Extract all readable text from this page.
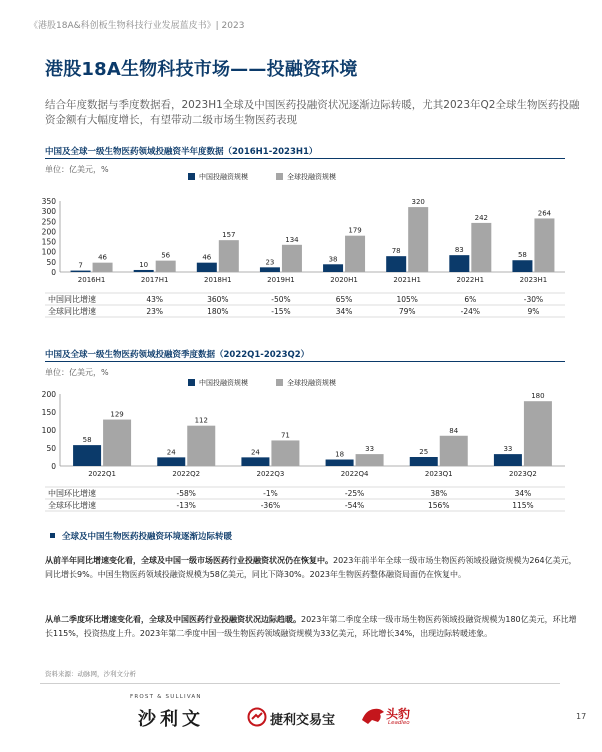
《港股18A&科创板生物科技行业发展蓝皮书》| 2023
港股18A生物科技市场——投融资环境
结合年度数据与季度数据看，2023H1全球及中国医药投融资状况逐渐边际转暖，尤其2023年Q2全球生物医药投融资金额有大幅度增长，有望带动二级市场生物医药表现
中国及全球一级生物医药领域投融资半年度数据（2016H1-2023H1）
单位：亿美元，%
中国投融资规模	全球投融资规模
350
300
250
200
150
100
50
0
7
46
2016H1
10
56
2017H1
46
157
2018H1
23
134
2019H1
38
179
2020H1
78
320
2021H1
83
242
2022H1
58
264
2023H1
中国同比增速	43%	360%	-50%	65%	105%	6%	-30%
全球同比增速	23%	180%	-15%	34%	79%	-24%	9%
中国及全球一级生物医药领域投融资季度数据（2022Q1-2023Q2）
单位：亿美元，%
中国投融资规模	全球投融资规模
200
150
100
50
0
58
129
2022Q1
24
112
2022Q2
24
71
2022Q3
18
33
2022Q4
25
84
2023Q1
33
180
2023Q2
中国环比增速	-58%	-1%	-25%	38%	34%
全球环比增速	-13%	-36%	-54%	156%	115%
全球及中国生物医药投融资环境逐渐边际转暖
从前半年同比增速变化看，全球及中国一级市场医药行业投融资状况仍在恢复中。2023年前半年全球一级市场生物医药领域投融资规模为264亿美元，同比增长9%。中国生物医药领域投融资规模为58亿美元，同比下降30%。2023年生物医药整体融资局面仍在恢复中。
从单二季度环比增速变化看，全球及中国医药行业投融资状况边际趋暖。2023年第二季度全球一级市场生物医药领域投融资规模为180亿美元，环比增长115%，投资热度上升。2023年第二季度中国一级生物医药领域融资规模为33亿美元，环比增长34%，出现边际转暖迹象。
资料来源：动脉网，沙利文分析
FROST & SULLIVAN
沙利文	捷利交易宝	头豹
Leadleo
17
